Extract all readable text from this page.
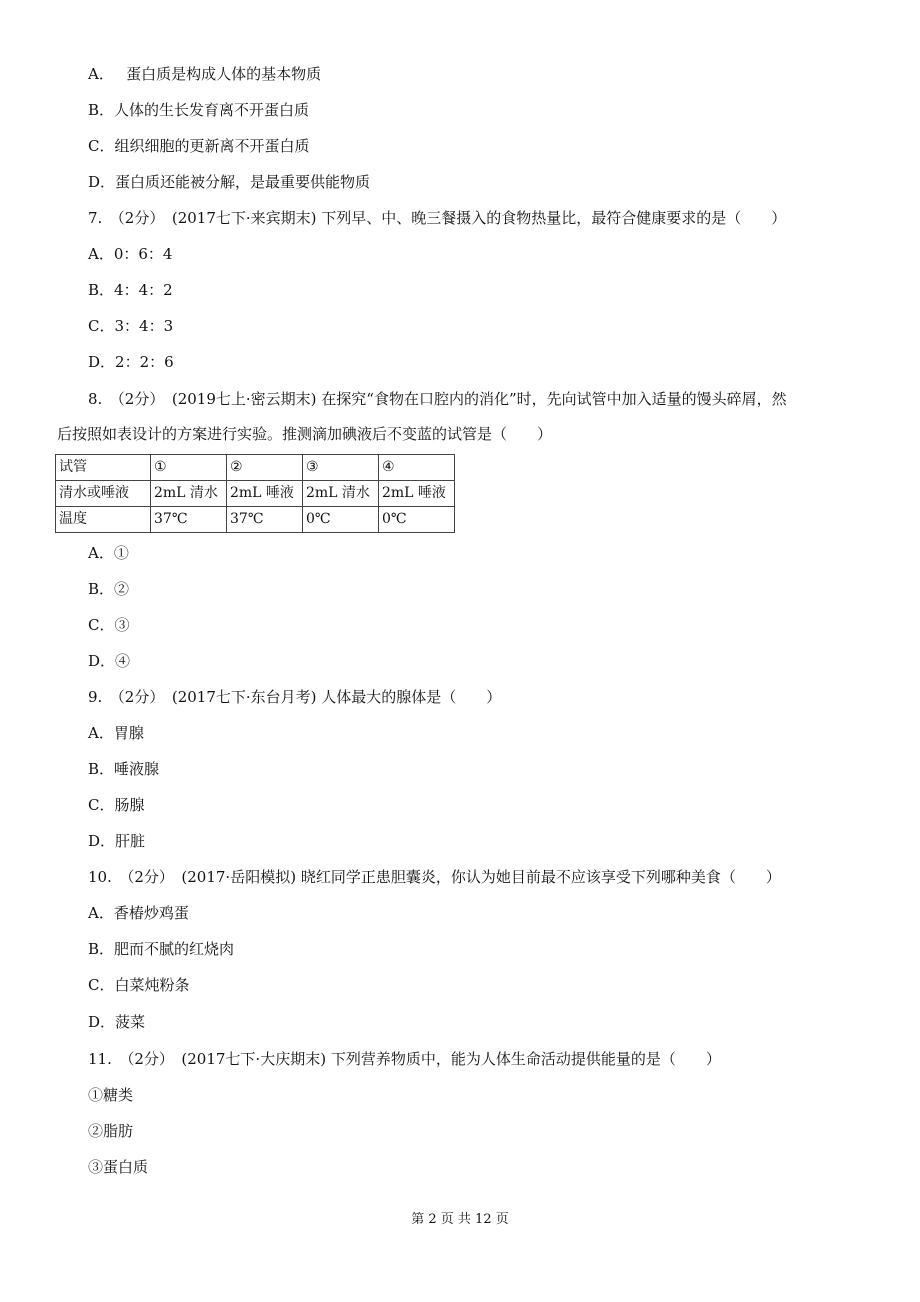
A．　 蛋白质是构成人体的基本物质
B．人体的生长发育离不开蛋白质
C．组织细胞的更新离不开蛋白质
D．蛋白质还能被分解，是最重要供能物质
7.　（2分）　(2017七下·来宾期末) 下列早、中、晚三餐摄入的食物热量比，最符合健康要求的是（　　）
A．0：6：4
B．4：4：2
C．3：4：3
D．2：2：6
8.　（2分）　(2019七上·密云期末) 在探究“食物在口腔内的消化”时，先向试管中加入适量的馒头碎屑，然
后按照如表设计的方案进行实验。推测滴加碘液后不变蓝的试管是（　　）
试管	①	②	③	④
清水或唾液	2mL 清水	2mL 唾液	2mL 清水	2mL 唾液
温度	37℃	37℃	0℃	0℃
A．①
B．②
C．③
D．④
9.　（2分）　(2017七下·东台月考) 人体最大的腺体是（　　）
A．胃腺
B．唾液腺
C．肠腺
D．肝脏
10.　（2分）　(2017·岳阳模拟) 晓红同学正患胆囊炎，你认为她目前最不应该享受下列哪种美食（　　）
A．香椿炒鸡蛋
B．肥而不腻的红烧肉
C．白菜炖粉条
D．菠菜
11.　（2分）　(2017七下·大庆期末) 下列营养物质中，能为人体生命活动提供能量的是（　　）
①糖类
②脂肪
③蛋白质
第 2 页 共 12 页
